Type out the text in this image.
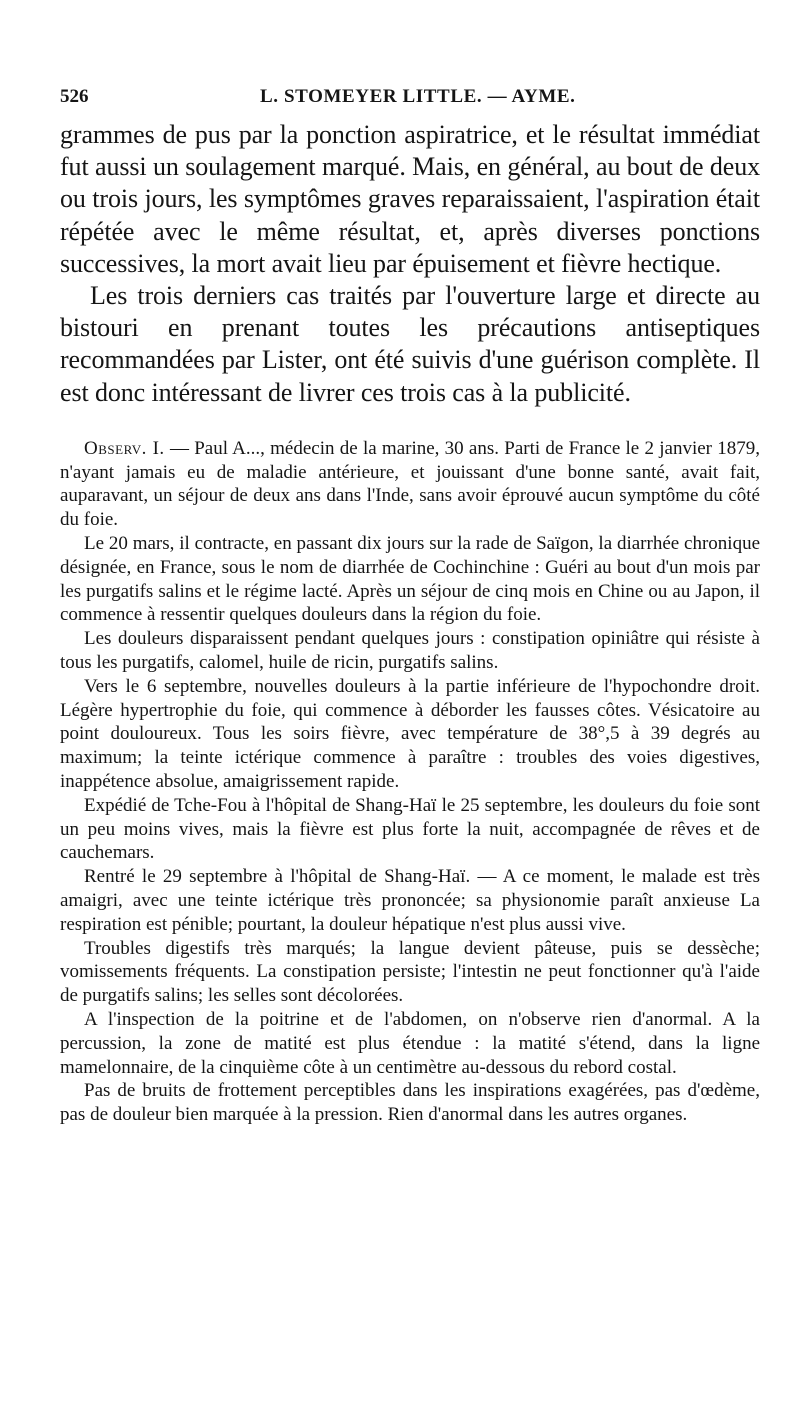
526	L. STOMEYER LITTLE. — AYME.

grammes de pus par la ponction aspiratrice, et le résultat immédiat fut aussi un soulagement marqué. Mais, en général, au bout de deux ou trois jours, les symptômes graves reparaissaient, l'aspiration était répétée avec le même résultat, et, après diverses ponctions successives, la mort avait lieu par épuisement et fièvre hectique.

Les trois derniers cas traités par l'ouverture large et directe au bistouri en prenant toutes les précautions antiseptiques recommandées par Lister, ont été suivis d'une guérison complète. Il est donc intéressant de livrer ces trois cas à la publicité.

Observ. I. — Paul A..., médecin de la marine, 30 ans. Parti de France le 2 janvier 1879, n'ayant jamais eu de maladie antérieure, et jouissant d'une bonne santé, avait fait, auparavant, un séjour de deux ans dans l'Inde, sans avoir éprouvé aucun symptôme du côté du foie.

Le 20 mars, il contracte, en passant dix jours sur la rade de Saïgon, la diarrhée chronique désignée, en France, sous le nom de diarrhée de Cochinchine : Guéri au bout d'un mois par les purgatifs salins et le régime lacté. Après un séjour de cinq mois en Chine ou au Japon, il commence à ressentir quelques douleurs dans la région du foie.

Les douleurs disparaissent pendant quelques jours : constipation opiniâtre qui résiste à tous les purgatifs, calomel, huile de ricin, purgatifs salins.

Vers le 6 septembre, nouvelles douleurs à la partie inférieure de l'hypochondre droit. Légère hypertrophie du foie, qui commence à déborder les fausses côtes. Vésicatoire au point douloureux. Tous les soirs fièvre, avec température de 38°,5 à 39 degrés au maximum; la teinte ictérique commence à paraître : troubles des voies digestives, inappétence absolue, amaigrissement rapide.

Expédié de Tche-Fou à l'hôpital de Shang-Haï le 25 septembre, les douleurs du foie sont un peu moins vives, mais la fièvre est plus forte la nuit, accompagnée de rêves et de cauchemars.

Rentré le 29 septembre à l'hôpital de Shang-Haï. — A ce moment, le malade est très amaigri, avec une teinte ictérique très prononcée; sa physionomie paraît anxieuse La respiration est pénible; pourtant, la douleur hépatique n'est plus aussi vive.

Troubles digestifs très marqués; la langue devient pâteuse, puis se dessèche; vomissements fréquents. La constipation persiste; l'intestin ne peut fonctionner qu'à l'aide de purgatifs salins; les selles sont décolorées.

A l'inspection de la poitrine et de l'abdomen, on n'observe rien d'anormal. A la percussion, la zone de matité est plus étendue : la matité s'étend, dans la ligne mamelonnaire, de la cinquième côte à un centimètre au-dessous du rebord costal.

Pas de bruits de frottement perceptibles dans les inspirations exagérées, pas d'œdème, pas de douleur bien marquée à la pression. Rien d'anormal dans les autres organes.
